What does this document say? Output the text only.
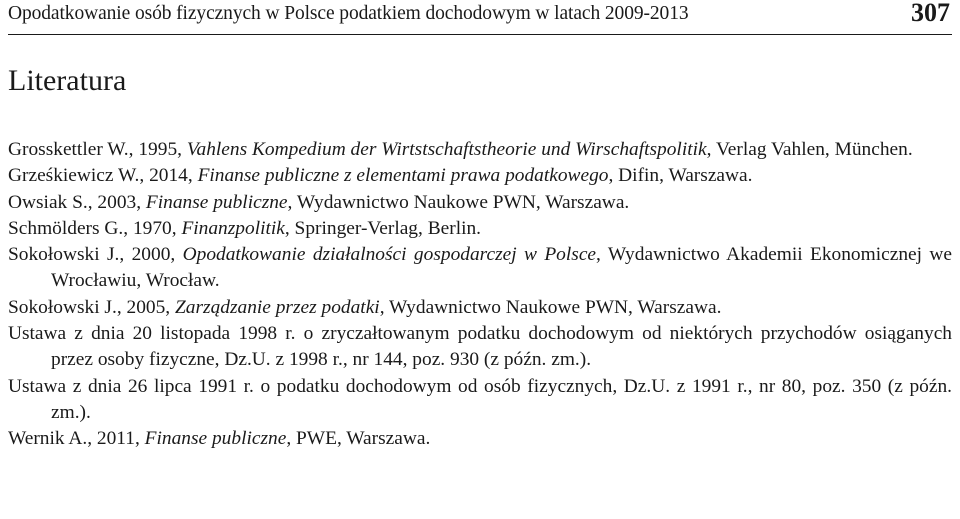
Opodatkowanie osób fizycznych w Polsce podatkiem dochodowym w latach 2009-2013	307
Literatura
Grosskettler W., 1995, Vahlens Kompedium der Wirtstschaftstheorie und Wirschaftspolitik, Verlag Vahlen, München.
Grześkiewicz W., 2014, Finanse publiczne z elementami prawa podatkowego, Difin, Warszawa.
Owsiak S., 2003, Finanse publiczne, Wydawnictwo Naukowe PWN, Warszawa.
Schmölders G., 1970, Finanzpolitik, Springer-Verlag, Berlin.
Sokołowski J., 2000, Opodatkowanie działalności gospodarczej w Polsce, Wydawnictwo Akademii Ekonomicznej we Wrocławiu, Wrocław.
Sokołowski J., 2005, Zarządzanie przez podatki, Wydawnictwo Naukowe PWN, Warszawa.
Ustawa z dnia 20 listopada 1998 r. o zryczałtowanym podatku dochodowym od niektórych przychodów osiąganych przez osoby fizyczne, Dz.U. z 1998 r., nr 144, poz. 930 (z późn. zm.).
Ustawa z dnia 26 lipca 1991 r. o podatku dochodowym od osób fizycznych, Dz.U. z 1991 r., nr 80, poz. 350 (z późn. zm.).
Wernik A., 2011, Finanse publiczne, PWE, Warszawa.
